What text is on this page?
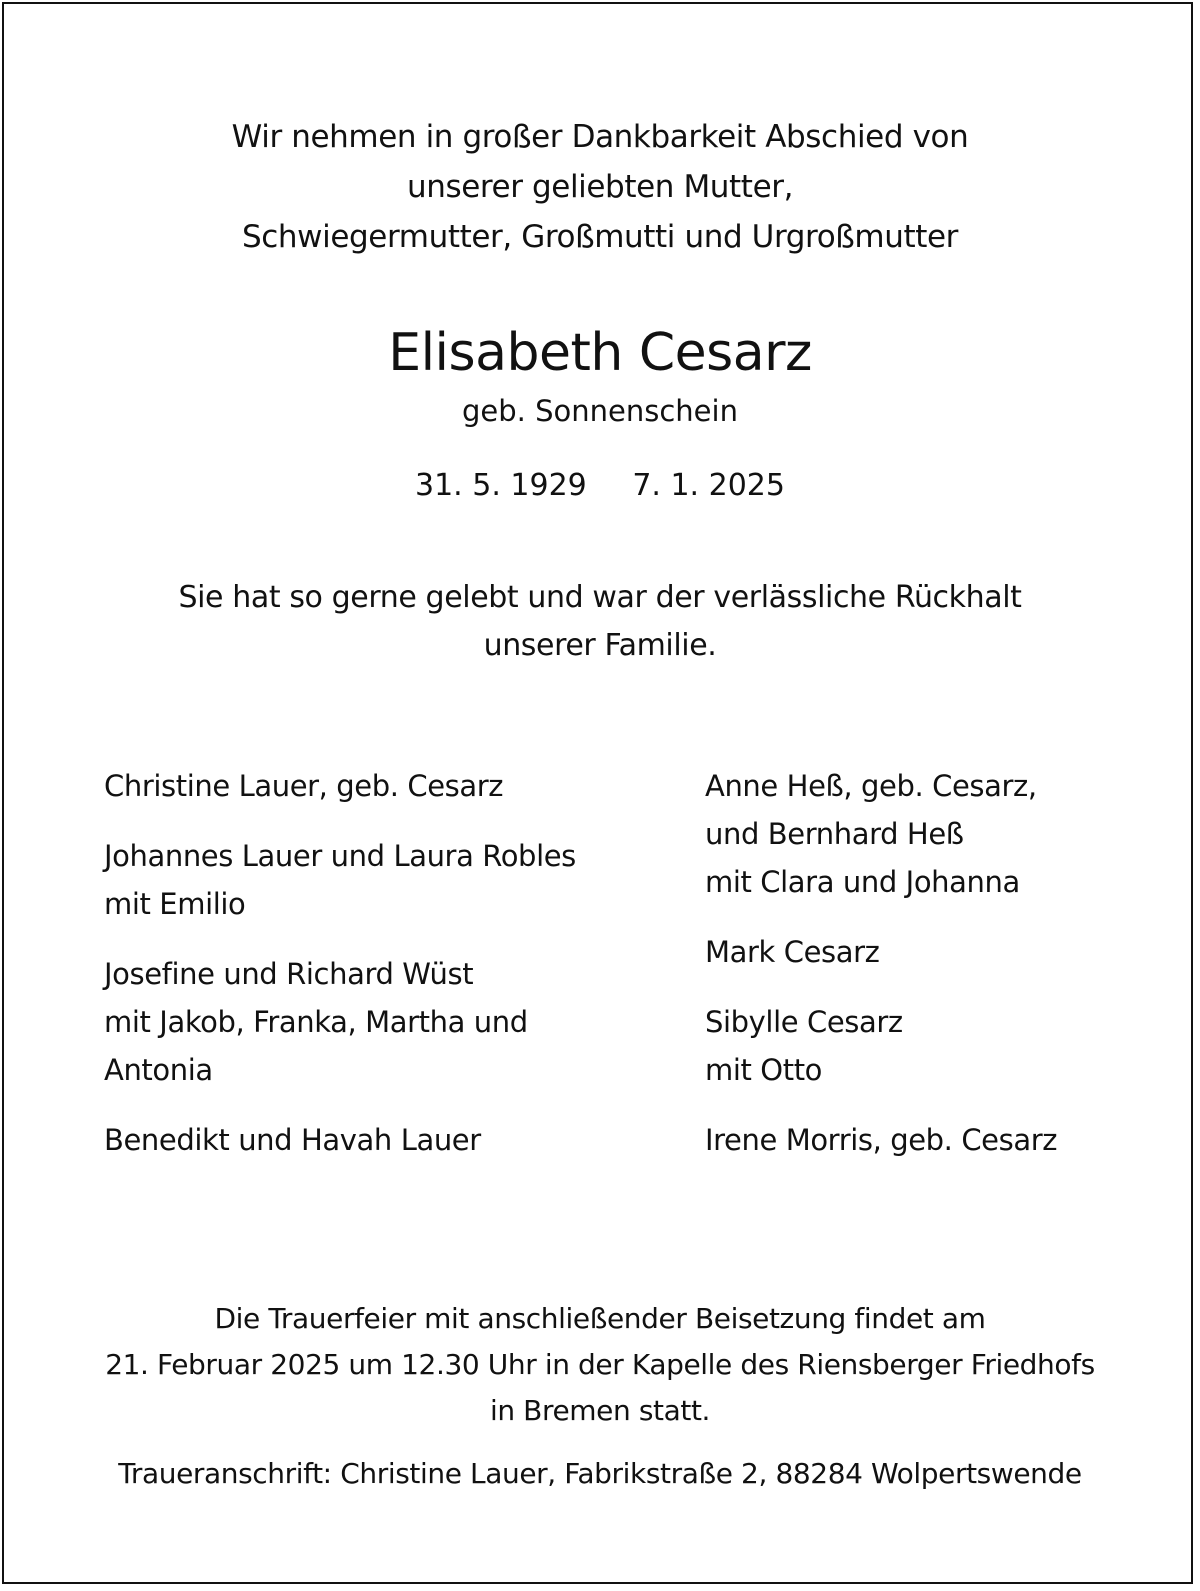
Wir nehmen in großer Dankbarkeit Abschied von
unserer geliebten Mutter,
Schwiegermutter, Großmutti und Urgroßmutter
Elisabeth Cesarz
geb. Sonnenschein
31. 5. 1929 7. 1. 2025
Sie hat so gerne gelebt und war der verlässliche Rückhalt
unserer Familie.
Christine Lauer, geb. Cesarz
Johannes Lauer und Laura Robles
mit Emilio
Josefine und Richard Wüst
mit Jakob, Franka, Martha und
Antonia
Benedikt und Havah Lauer
Anne Heß, geb. Cesarz,
und Bernhard Heß
mit Clara und Johanna
Mark Cesarz
Sibylle Cesarz
mit Otto
Irene Morris, geb. Cesarz
Die Trauerfeier mit anschließender Beisetzung findet am
21. Februar 2025 um 12.30 Uhr in der Kapelle des Riensberger Friedhofs
in Bremen statt.
Traueranschrift: Christine Lauer, Fabrikstraße 2, 88284 Wolpertswende
